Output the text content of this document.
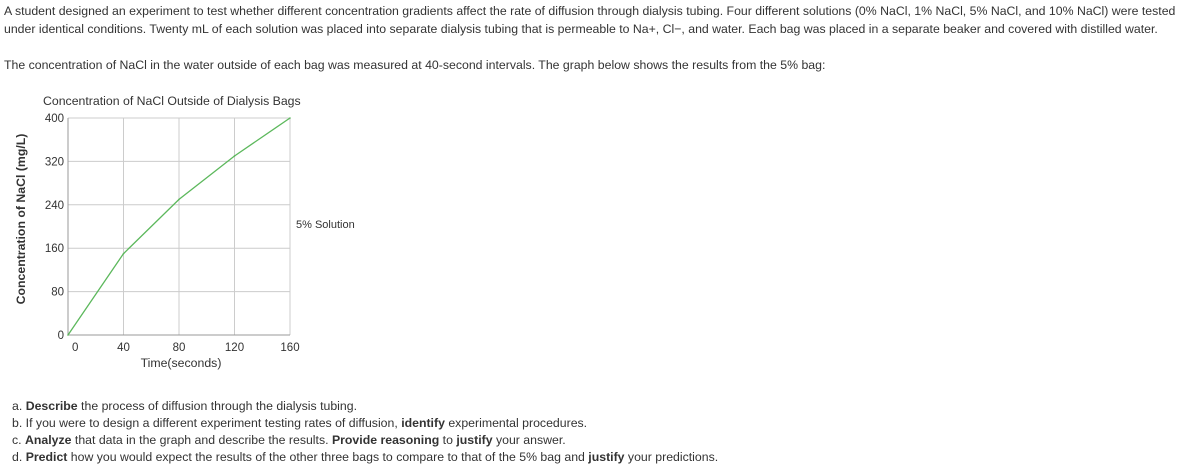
A student designed an experiment to test whether different concentration gradients affect the rate of diffusion through dialysis tubing. Four different solutions (0% NaCl, 1% NaCl, 5% NaCl, and 10% NaCl) were tested under identical conditions. Twenty mL of each solution was placed into separate dialysis tubing that is permeable to Na+, Cl−, and water. Each bag was placed in a separate beaker and covered with distilled water.

The concentration of NaCl in the water outside of each bag was measured at 40-second intervals. The graph below shows the results from the 5% bag:

Concentration of NaCl Outside of Dialysis Bags
Concentration of NaCl (mg/L)
Time(seconds)
0
80
160
240
320
400
0	40	80	120	160
5% Solution
a. Describe the process of diffusion through the dialysis tubing.
b. If you were to design a different experiment testing rates of diffusion, identify experimental procedures.
c. Analyze that data in the graph and describe the results. Provide reasoning to justify your answer.
d. Predict how you would expect the results of the other three bags to compare to that of the 5% bag and justify your predictions.
